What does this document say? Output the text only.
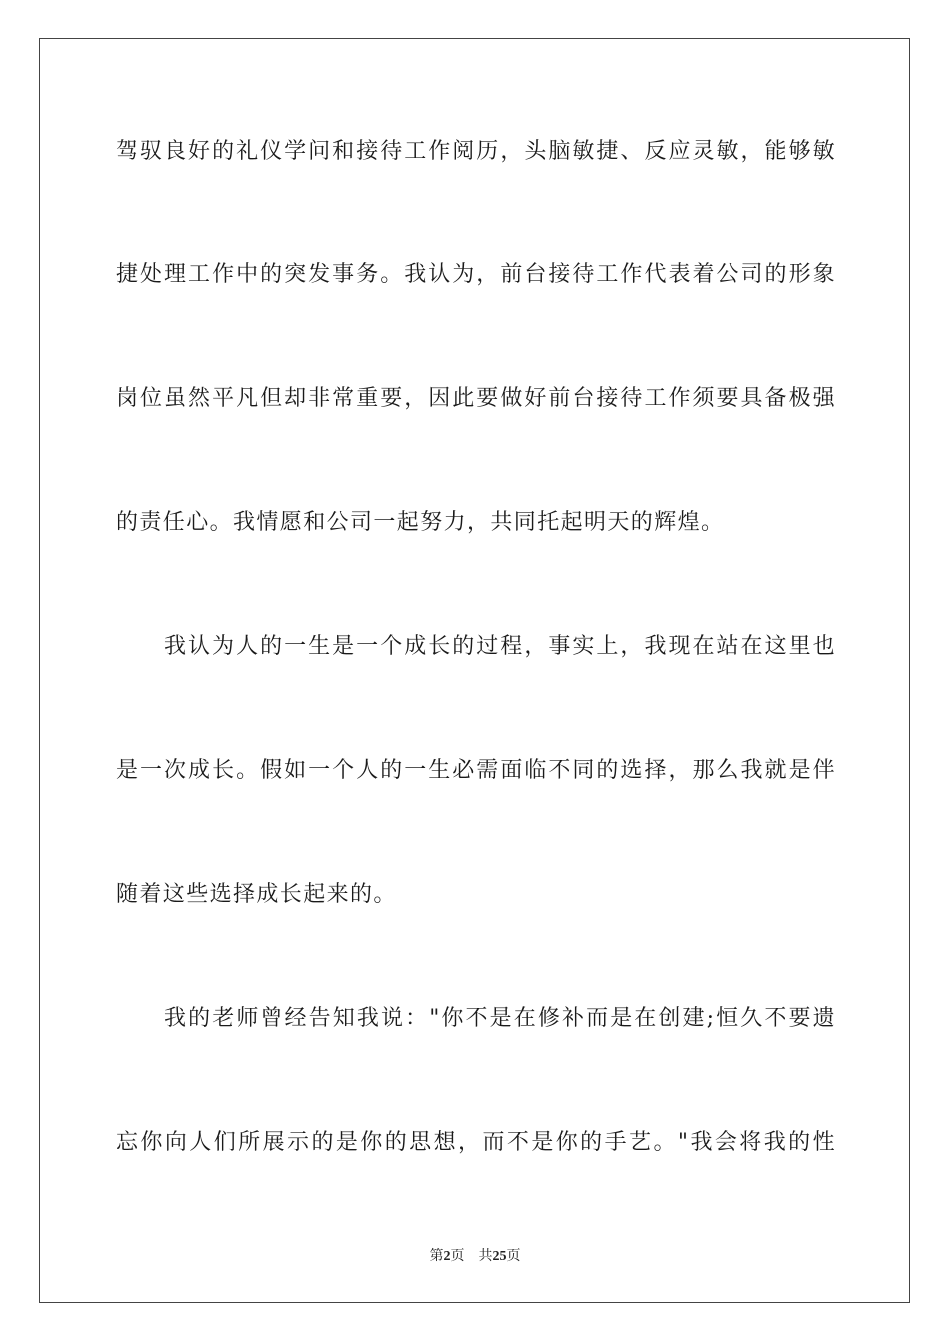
驾驭良好的礼仪学问和接待工作阅历，头脑敏捷、反应灵敏，能够敏
捷处理工作中的突发事务。我认为，前台接待工作代表着公司的形象
岗位虽然平凡但却非常重要，因此要做好前台接待工作须要具备极强
的责任心。我情愿和公司一起努力，共同托起明天的辉煌。
我认为人的一生是一个成长的过程，事实上，我现在站在这里也
是一次成长。假如一个人的一生必需面临不同的选择，那么我就是伴
随着这些选择成长起来的。
我的老师曾经告知我说："你不是在修补而是在创建;恒久不要遗
忘你向人们所展示的是你的思想，而不是你的手艺。"我会将我的性
第2页 共25页
